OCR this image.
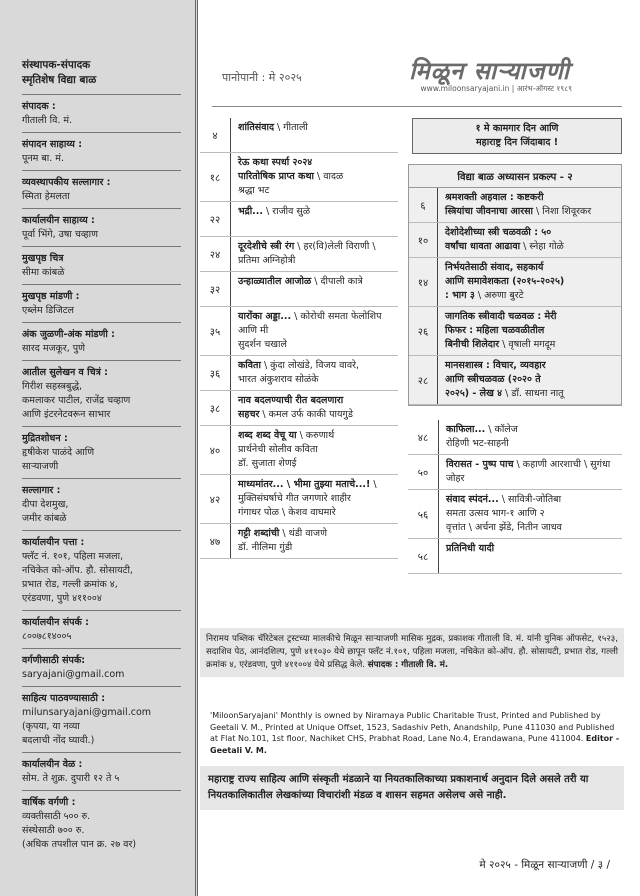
संस्थापक-संपादक
स्मृतिशेष विद्या बाळ
संपादक :
गीताली वि. मं.
संपादन साहाय्य :
पूनम बा. मं.
व्यवस्थापकीय सल्लागार :
स्मिता हेमलता
कार्यालयीन साहाय्य :
पूर्वा भिंगे, उषा चव्हाण
मुखपृष्ठ चित्र
सीमा कांबळे
मुखपृष्ठ मांडणी :
एब्लेम डिजिटल
अंक जुळणी-अंक मांडणी :
सारद मजकूर, पुणे
आतील सुलेखन व चित्रं :
गिरीश सहस्त्रबुद्धे,
कमलाकर पाटील, राजेंद्र चव्हाण
आणि इंटरनेटवरून साभार
मुद्रितशोधन :
हृषीकेश पाळंदे आणि
साऱ्याजणी
सल्लागार :
दीपा देशमुख,
जमीर कांबळे
कार्यालयीन पत्ता :
फ्लॅट नं. १०१, पहिला मजला,
नचिकेत को-ऑप. हौ. सोसायटी,
प्रभात रोड, गल्ली क्रमांक ४,
एरंडवणा, पुणे ४११००४
कार्यालयीन संपर्क :
८००७८१४००५
वर्गणीसाठी संपर्क:
saryajani@gmail.com
साहित्य पाठवण्यासाठी :
milunsaryajani@gmail.com
(कृपया, या नव्या
बदलाची नोंद घ्यावी.)
कार्यालयीन वेळ :
सोम. ते शुक्र. दुपारी १२ ते ५
वार्षिक वर्गणी :
व्यक्तीसाठी ५०० रु.
संस्थेसाठी ७०० रु.
(अधिक तपशील पान क्र. २७ वर)
पानोपानी : मे २०२५	मिळून साऱ्याजणी
www.miloonsaryajani.in | आरंभ-ऑगस्ट १९८९
४
शांतिसंवाद \ गीताली
१८
रेऊ कथा स्पर्धा २०२४
पारितोषिक प्राप्त कथा \ वादळ
श्रद्धा भट
२२
भद्री... \ राजीव सुळे
२४
दूरदेशीचे स्त्री रंग \ हर(वि)लेली विराणी \ प्रतिमा अग्निहोत्री
३२
उन्हाळ्यातील आजोळ \ दीपाली कात्रे
३५
यारोंका अड्डा... \ कोरोची समता फेलोशिप आणि मी
सुदर्शन चखाले
३६
कविता \ कुंदा लोखंडे, विजय वावरे,
भारत अंकुशराव सोळंके
३८
नाव बदलण्याची रीत बदलणारा
सहचर \ कमल उर्फ काकी पायगुडे
४०
शब्द शब्द वेचू या \ करुणार्थ
प्रार्थनेची सोलीव कविता
डॉ. सुजाता शेणई
४२
माध्यमांतर... \ भीमा तुझ्या मताचे...! \ मुक्तिसंघर्षाचे गीत जगणारे शाहीर
गंगाधर पोळ \ केशव वाघमारे
४७
गट्टी शब्दांची \ थंडी वाजणे
डॉ. नीलिमा गुंडी
१ मे कामगार दिन आणि
महाराष्ट्र दिन जिंदाबाद !
विद्या बाळ अध्यासन प्रकल्प - २
६
श्रमशक्ती अहवाल : कष्टकरी
स्त्रियांचा जीवनाचा आरसा \ निशा शिवूरकर
१०
देशोदेशीच्या स्त्री चळवळी : ५०
वर्षांचा धावता आढावा \ स्नेहा गोळे
१४
निर्भयतेसाठी संवाद, सहकार्य
आणि समावेशकता (२०१५-२०२५)
: भाग ३ \ अरुणा बुरटे
२६
जागतिक स्त्रीवादी चळवळ : मेरी
फिफर : महिला चळवळीतील
बिनीची शिलेदार \ वृषाली मगदूम
२८
मानसशास्त्र : विचार, व्यवहार
आणि स्त्रीचळवळ (२०२० ते
२०२५) - लेख ४ \ डॉ. साधना नातू
४८
काफिला... \ कॉलेज
रोहिणी भट-साहनी
५०
विरासत - पुष्प पाच \ कहाणी आरशाची \ सुगंधा जोहर
५६
संवाद स्पंदनं... \ सावित्री-जोतिबा
समता उत्सव भाग-१ आणि २
वृत्तांत \ अर्चना झेंडे, नितीन जाधव
५८
प्रतिनिधी यादी
निरामय पब्लिक चॅरिटेबल ट्रस्टच्या मालकीचे मिळून साऱ्याजणी मासिक मुद्रक, प्रकाशक गीताली वि. मं. यांनी युनिक ऑफसेट, १५२३, सदाशिव पेठ, आनंदशिल्प, पुणे ४११०३० येथे छापून फ्लॅट नं.१०१, पहिला मजला, नचिकेत को-ऑप. हौ. सोसायटी, प्रभात रोड, गल्ली क्रमांक ४, एरंडवणा, पुणे ४११००४ येथे प्रसिद्ध केले. संपादक : गीताली वि. मं.
'MiloonSaryajani' Monthly is owned by Niramaya Public Charitable Trust, Printed and Published by Geetali V. M., Printed at Unique Offset, 1523, Sadashiv Peth, Anandshilp, Pune 411030 and Published at Flat No.101, 1st floor, Nachiket CHS, Prabhat Road, Lane No.4, Erandawana, Pune 411004. Editor - Geetali V. M.
महाराष्ट्र राज्य साहित्य आणि संस्कृती मंडळाने या नियतकालिकाच्या प्रकाशनार्थ अनुदान दिले असले तरी या नियतकालिकातील लेखकांच्या विचारांशी मंडळ व शासन सहमत असेलच असे नाही.
मे २०२५ - मिळून साऱ्याजणी / ३ /
